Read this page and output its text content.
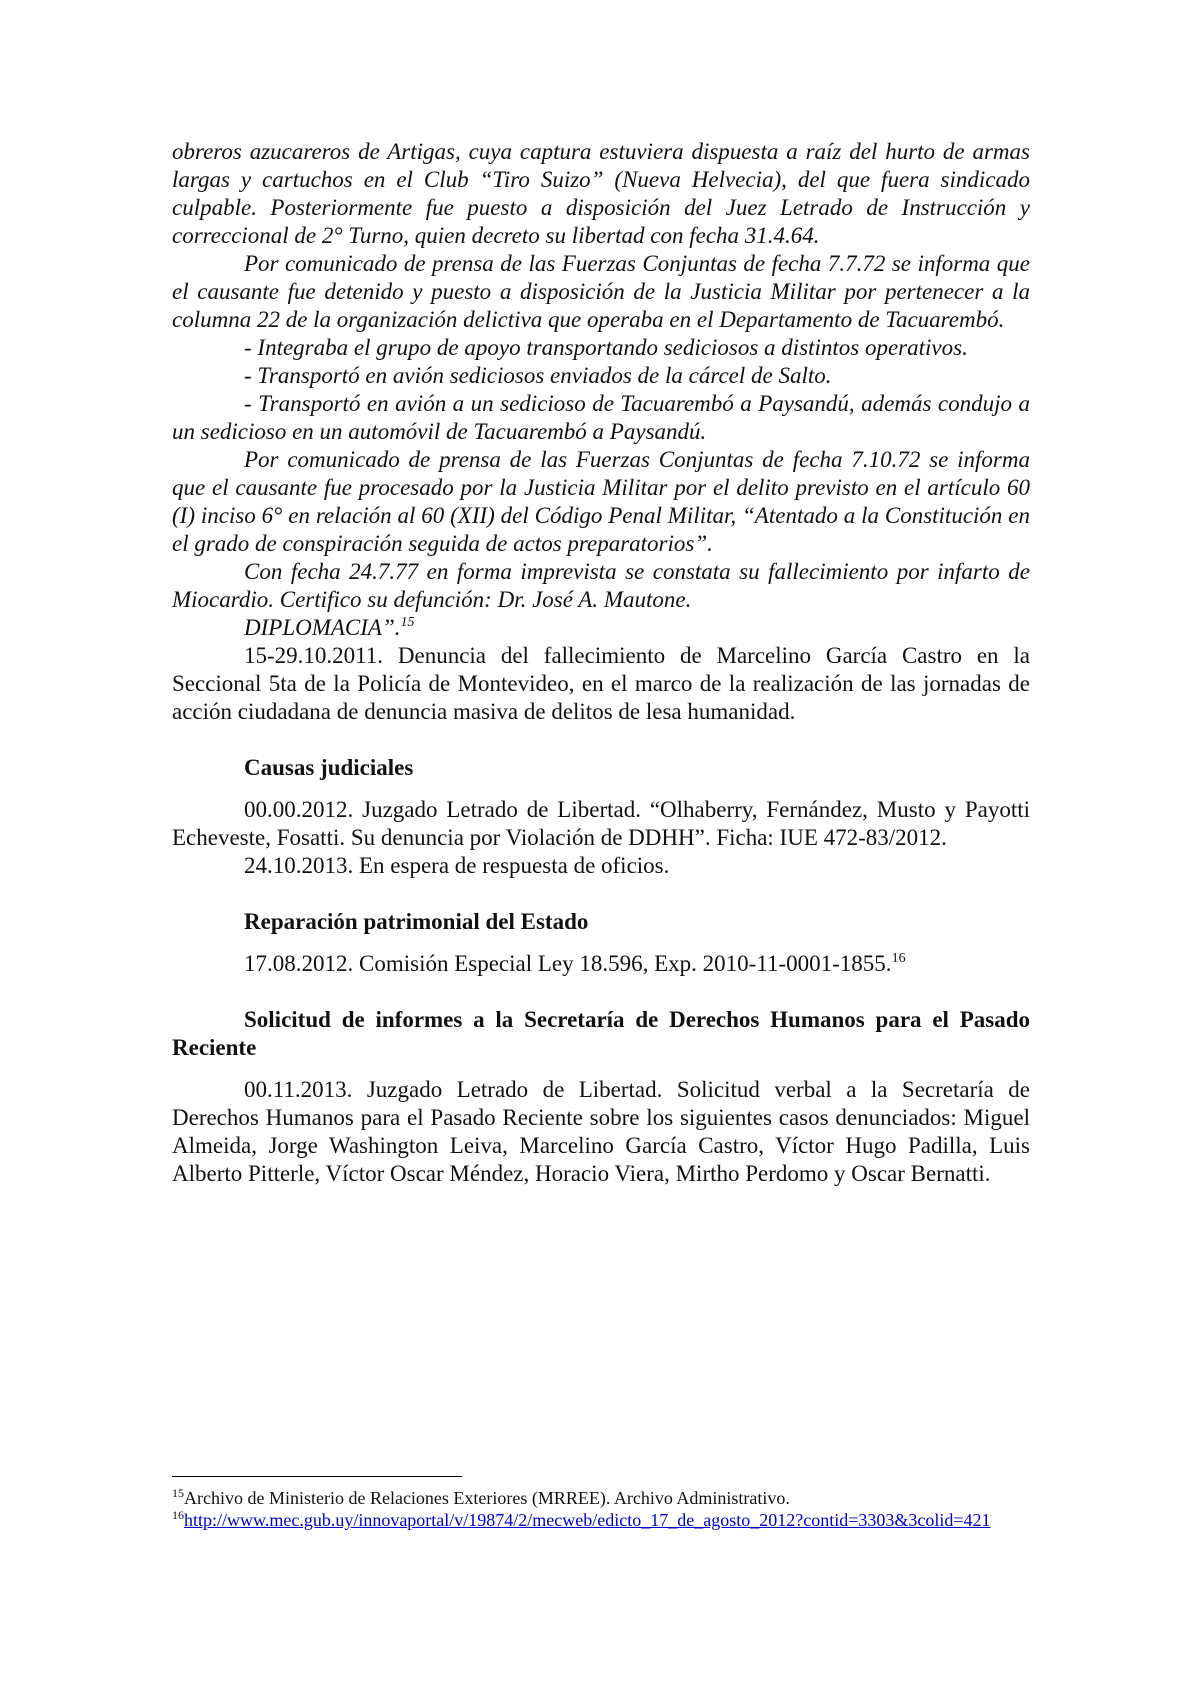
obreros azucareros de Artigas, cuya captura estuviera dispuesta a raíz del hurto de armas largas y cartuchos en el Club “Tiro Suizo” (Nueva Helvecia), del que fuera sindicado culpable. Posteriormente fue puesto a disposición del Juez Letrado de Instrucción y correccional de 2° Turno, quien decreto su libertad con fecha 31.4.64.

Por comunicado de prensa de las Fuerzas Conjuntas de fecha 7.7.72 se informa que el causante fue detenido y puesto a disposición de la Justicia Militar por pertenecer a la columna 22 de la organización delictiva que operaba en el Departamento de Tacuarembó.

- Integraba el grupo de apoyo transportando sediciosos a distintos operativos.

- Transportó en avión sediciosos enviados de la cárcel de Salto.

- Transportó en avión a un sedicioso de Tacuarembó a Paysandú, además condujo a un sedicioso en un automóvil de Tacuarembó a Paysandú.

Por comunicado de prensa de las Fuerzas Conjuntas de fecha 7.10.72 se informa que el causante fue procesado por la Justicia Militar por el delito previsto en el artículo 60 (I) inciso 6° en relación al 60 (XII) del Código Penal Militar, “Atentado a la Constitución en el grado de conspiración seguida de actos preparatorios”.

Con fecha 24.7.77 en forma imprevista se constata su fallecimiento por infarto de Miocardio. Certifico su defunción: Dr. José A. Mautone.

DIPLOMACIA”.$^{15}$

15-29.10.2011. Denuncia del fallecimiento de Marcelino García Castro en la Seccional 5ta de la Policía de Montevideo, en el marco de la realización de las jornadas de acción ciudadana de denuncia masiva de delitos de lesa humanidad.

Causas judiciales

00.00.2012. Juzgado Letrado de Libertad. “Olhaberry, Fernández, Musto y Payotti Echeveste, Fosatti. Su denuncia por Violación de DDHH”. Ficha: IUE 472-83/2012.

24.10.2013. En espera de respuesta de oficios.

Reparación patrimonial del Estado

17.08.2012. Comisión Especial Ley 18.596, Exp. 2010-11-0001-1855.16

Solicitud de informes a la Secretaría de Derechos Humanos para el Pasado Reciente

00.11.2013. Juzgado Letrado de Libertad. Solicitud verbal a la Secretaría de Derechos Humanos para el Pasado Reciente sobre los siguientes casos denunciados: Miguel Almeida, Jorge Washington Leiva, Marcelino García Castro, Víctor Hugo Padilla, Luis Alberto Pitterle, Víctor Oscar Méndez, Horacio Viera, Mirtho Perdomo y Oscar Bernatti.

$^{15}$Archivo de Ministerio de Relaciones Exteriores (MRREE). Archivo Administrativo.

$^{16}$http://www.mec.gub.uy/innovaportal/v/19874/2/mecweb/edicto_17_de_agosto_2012?contid=3303&3colid=421
